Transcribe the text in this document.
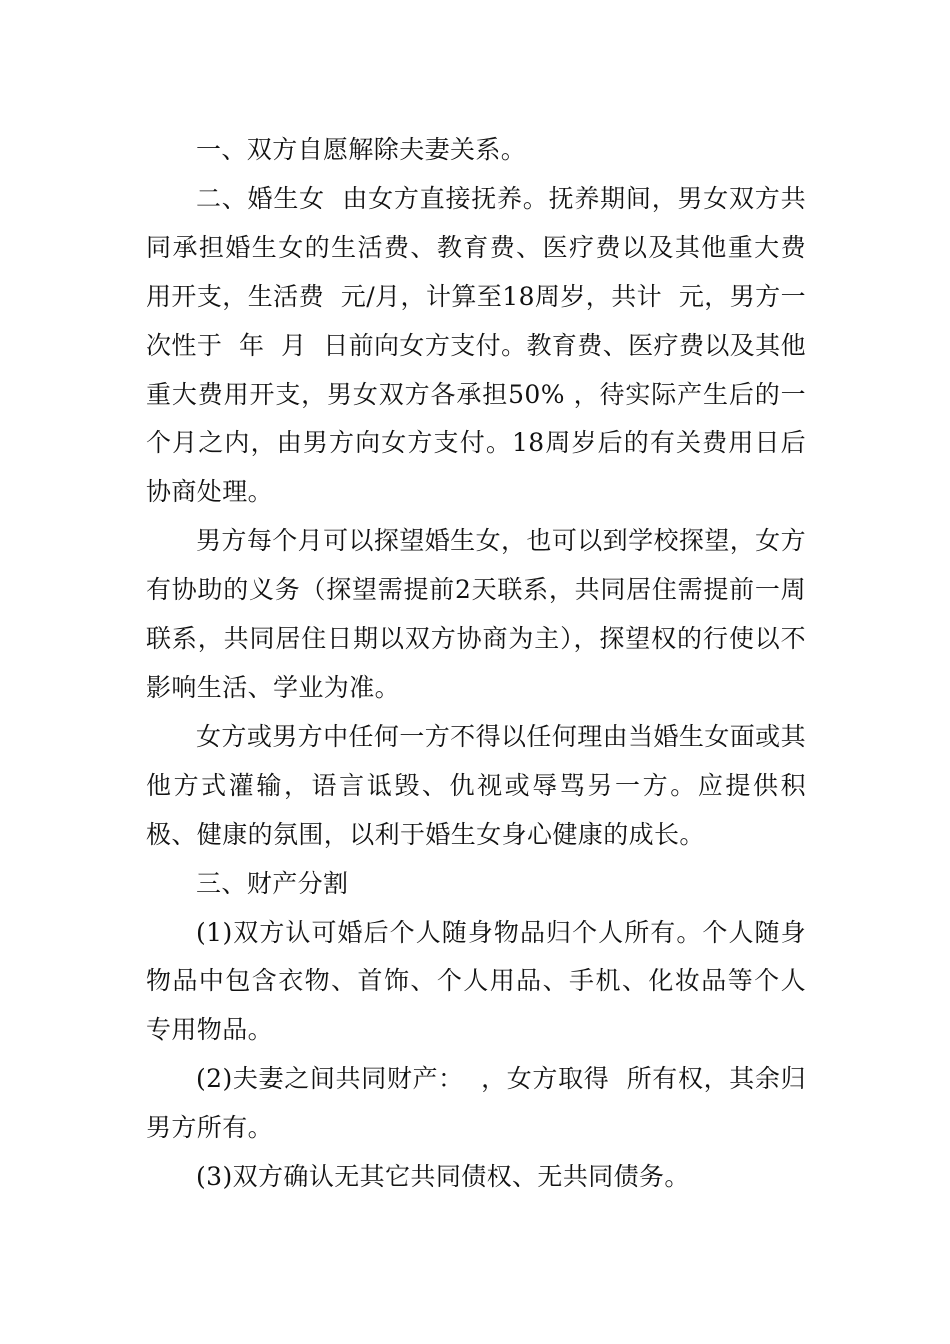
一、双方自愿解除夫妻关系。

二、婚生女  由女方直接抚养。抚养期间，男女双方共同承担婚生女的生活费、教育费、医疗费以及其他重大费用开支，生活费  元/月，计算至18周岁，共计  元，男方一次性于  年  月  日前向女方支付。教育费、医疗费以及其他重大费用开支，男女双方各承担50% ，待实际产生后的一个月之内，由男方向女方支付。18周岁后的有关费用日后协商处理。

男方每个月可以探望婚生女，也可以到学校探望，女方有协助的义务（探望需提前2天联系，共同居住需提前一周联系，共同居住日期以双方协商为主），探望权的行使以不影响生活、学业为准。

女方或男方中任何一方不得以任何理由当婚生女面或其他方式灌输，语言诋毁、仇视或辱骂另一方。应提供积极、健康的氛围，以利于婚生女身心健康的成长。

三、财产分割

(1)双方认可婚后个人随身物品归个人所有。个人随身物品中包含衣物、首饰、个人用品、手机、化妆品等个人专用物品。

(2)夫妻之间共同财产：  ，女方取得  所有权，其余归男方所有。

(3)双方确认无其它共同债权、无共同债务。
